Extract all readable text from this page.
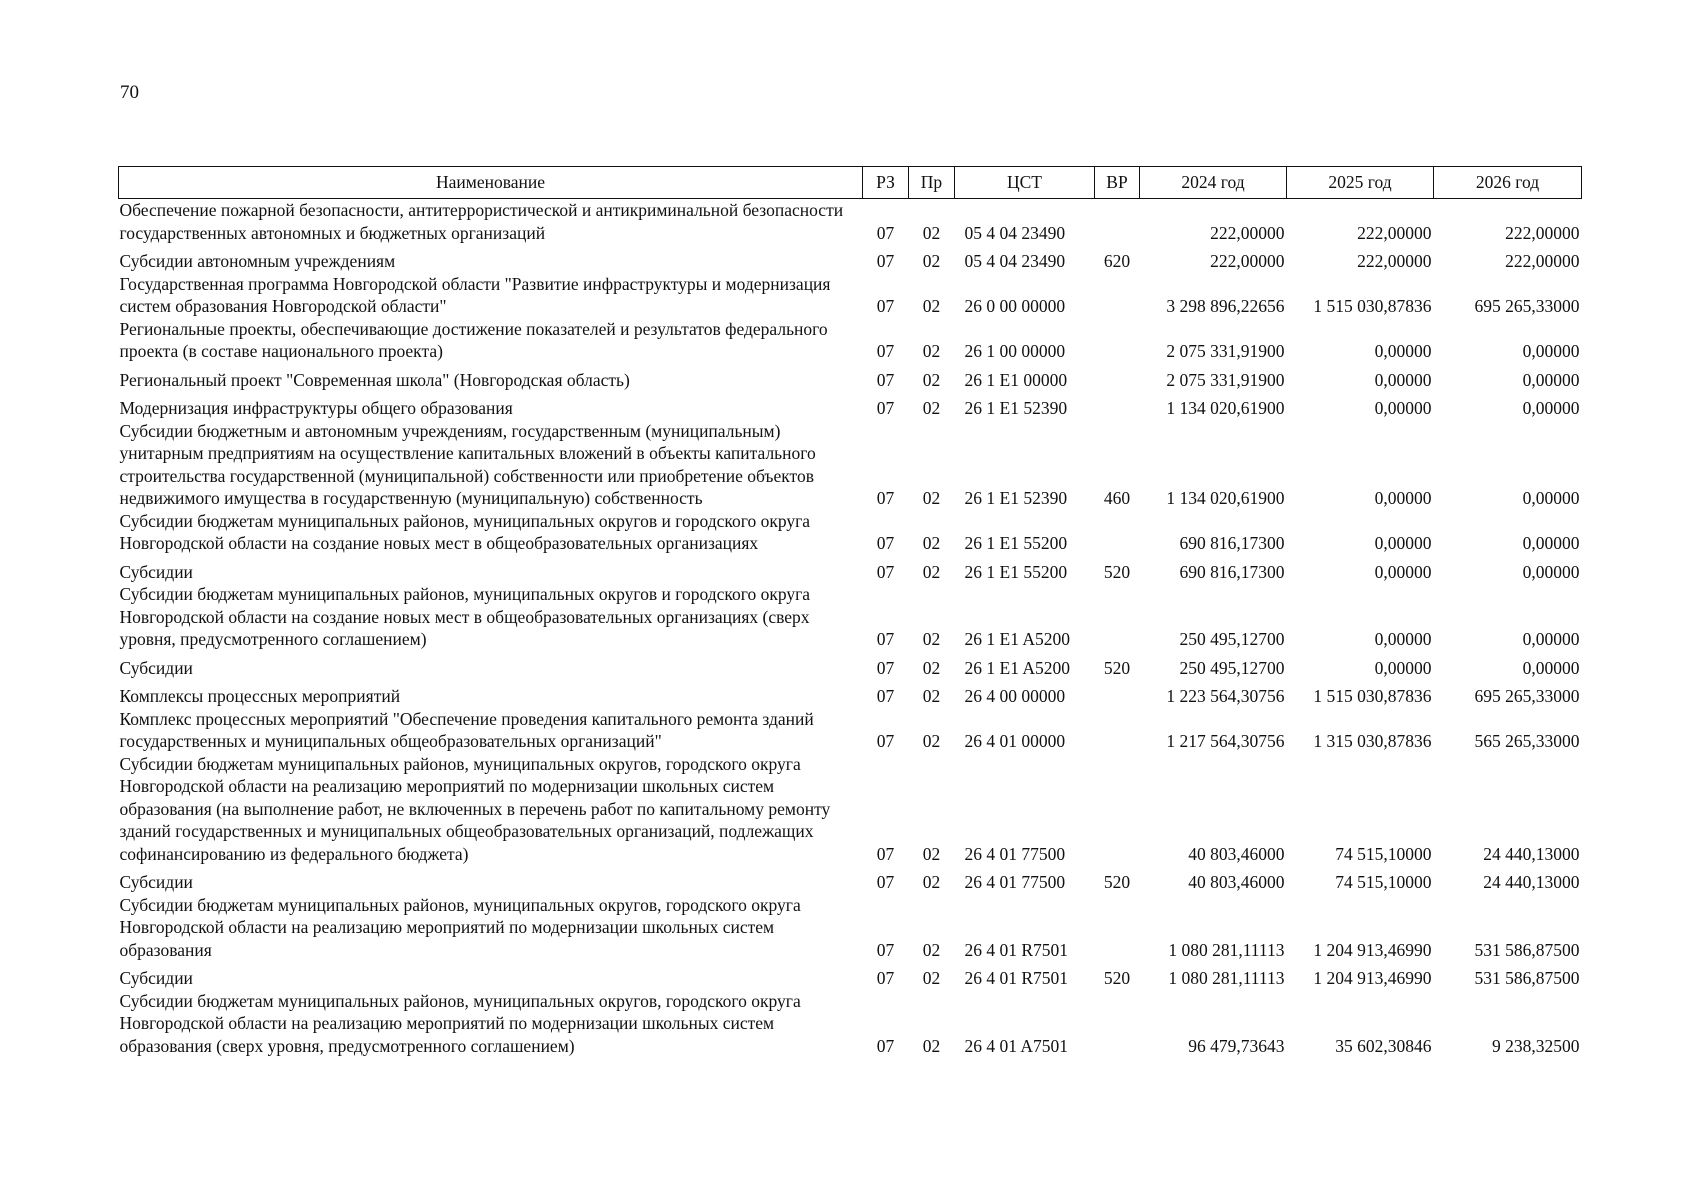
70
Наименование	РЗ	Пр	ЦСТ	ВР	2024 год	2025 год	2026 год
Обеспечение пожарной безопасности, антитеррористической и антикриминальной безопасности государственных автономных и бюджетных организаций	07	02	05 4 04 23490		222,00000	222,00000	222,00000
Субсидии автономным учреждениям	07	02	05 4 04 23490	620	222,00000	222,00000	222,00000
Государственная программа Новгородской области "Развитие инфраструктуры и модернизация систем образования Новгородской области"	07	02	26 0 00 00000		3 298 896,22656	1 515 030,87836	695 265,33000
Региональные проекты, обеспечивающие достижение показателей и результатов федерального проекта (в составе национального проекта)	07	02	26 1 00 00000		2 075 331,91900	0,00000	0,00000
Региональный проект "Современная школа" (Новгородская область)	07	02	26 1 E1 00000		2 075 331,91900	0,00000	0,00000
Модернизация инфраструктуры общего образования	07	02	26 1 E1 52390		1 134 020,61900	0,00000	0,00000
Субсидии бюджетным и автономным учреждениям, государственным (муниципальным) унитарным предприятиям на осуществление капитальных вложений в объекты капитального строительства государственной (муниципальной) собственности или приобретение объектов недвижимого имущества в государственную (муниципальную) собственность	07	02	26 1 E1 52390	460	1 134 020,61900	0,00000	0,00000
Субсидии бюджетам муниципальных районов, муниципальных округов и городского округа Новгородской области на создание новых мест в общеобразовательных организациях	07	02	26 1 E1 55200		690 816,17300	0,00000	0,00000
Субсидии	07	02	26 1 E1 55200	520	690 816,17300	0,00000	0,00000
Субсидии бюджетам муниципальных районов, муниципальных округов и городского округа Новгородской области на создание новых мест в общеобразовательных организациях (сверх уровня, предусмотренного соглашением)	07	02	26 1 E1 A5200		250 495,12700	0,00000	0,00000
Субсидии	07	02	26 1 E1 A5200	520	250 495,12700	0,00000	0,00000
Комплексы процессных мероприятий	07	02	26 4 00 00000		1 223 564,30756	1 515 030,87836	695 265,33000
Комплекс процессных мероприятий "Обеспечение проведения капитального ремонта зданий государственных и муниципальных общеобразовательных организаций"	07	02	26 4 01 00000		1 217 564,30756	1 315 030,87836	565 265,33000
Субсидии бюджетам муниципальных районов, муниципальных округов, городского округа Новгородской области на реализацию мероприятий по модернизации школьных систем образования (на выполнение работ, не включенных в перечень работ по капитальному ремонту зданий государственных и муниципальных общеобразовательных организаций, подлежащих софинансированию из федерального бюджета)	07	02	26 4 01 77500		40 803,46000	74 515,10000	24 440,13000
Субсидии	07	02	26 4 01 77500	520	40 803,46000	74 515,10000	24 440,13000
Субсидии бюджетам муниципальных районов, муниципальных округов, городского округа Новгородской области на реализацию мероприятий по модернизации школьных систем образования	07	02	26 4 01 R7501		1 080 281,11113	1 204 913,46990	531 586,87500
Субсидии	07	02	26 4 01 R7501	520	1 080 281,11113	1 204 913,46990	531 586,87500
Субсидии бюджетам муниципальных районов, муниципальных округов, городского округа Новгородской области на реализацию мероприятий по модернизации школьных систем образования (сверх уровня, предусмотренного соглашением)	07	02	26 4 01 A7501		96 479,73643	35 602,30846	9 238,32500
